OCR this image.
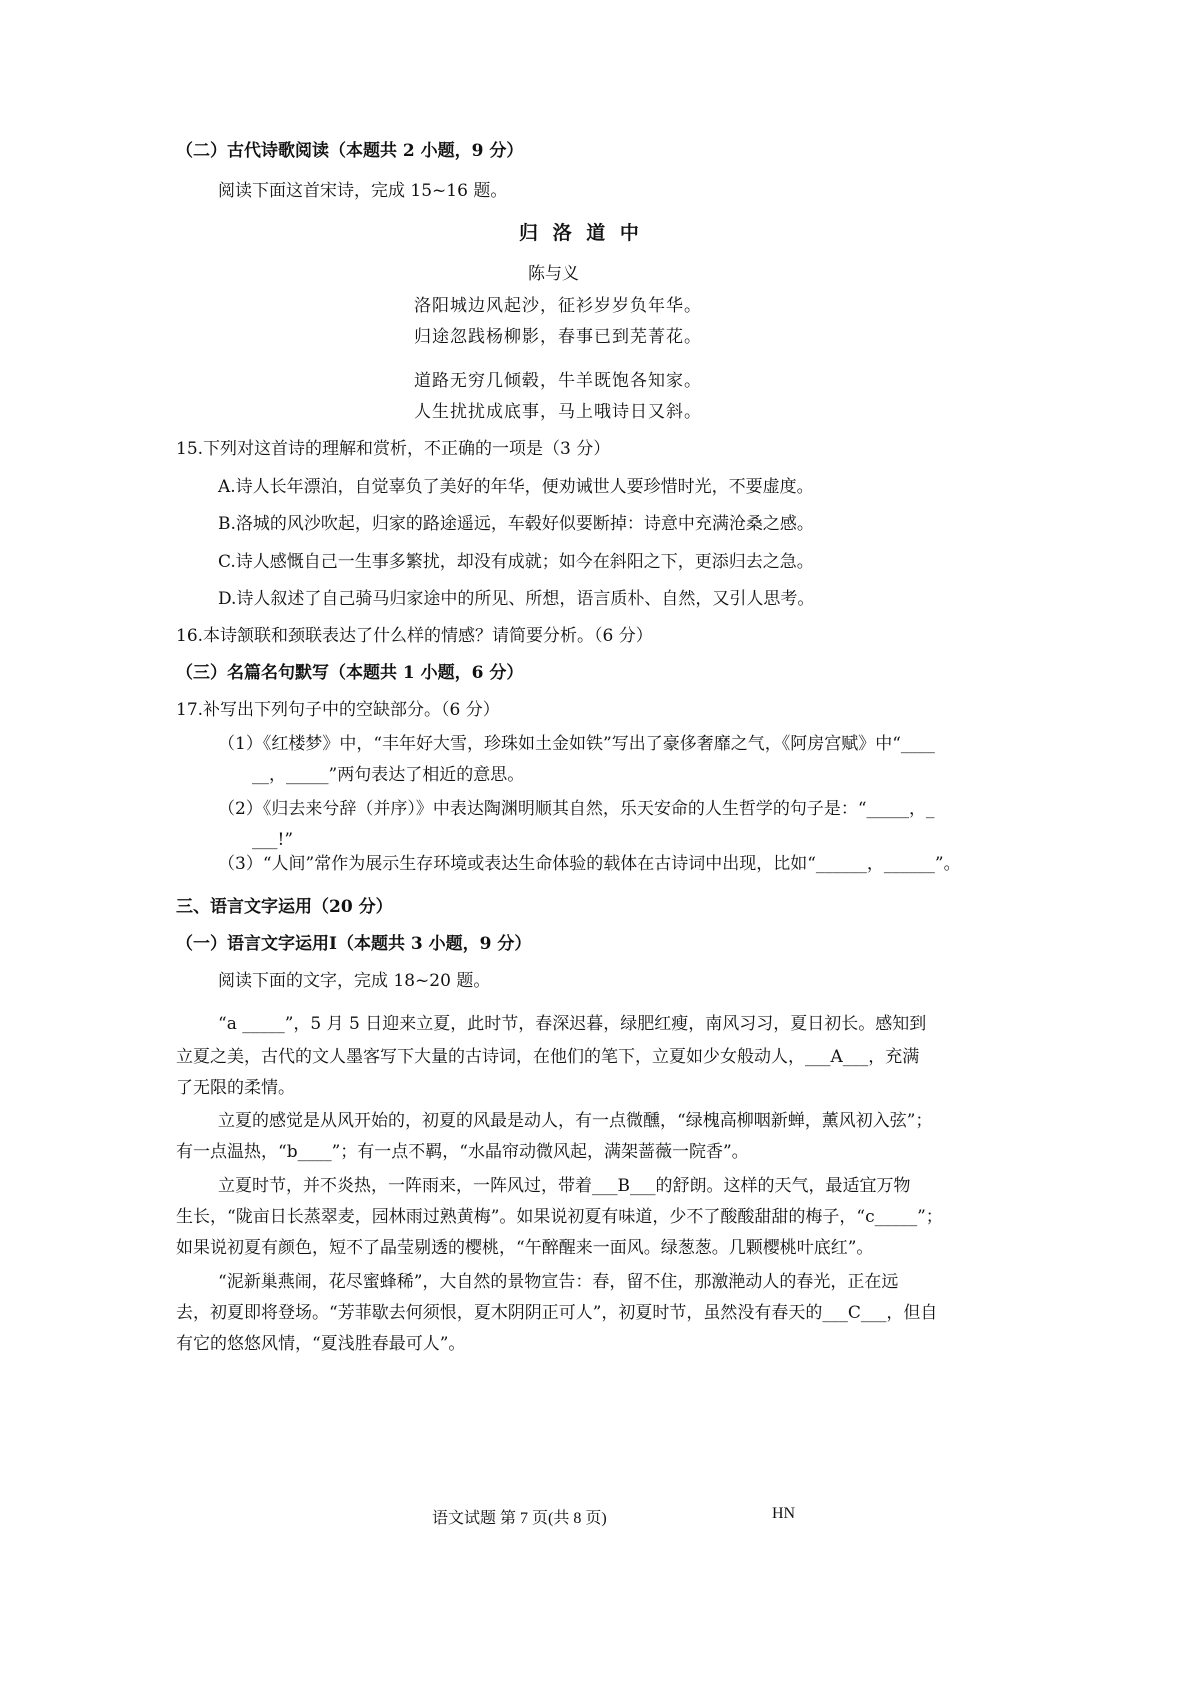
（二）古代诗歌阅读（本题共 2 小题，9 分）
阅读下面这首宋诗，完成 15~16 题。
归 洛 道 中
陈与义
洛阳城边风起沙，征衫岁岁负年华。
归途忽践杨柳影，春事已到芜菁花。
道路无穷几倾毂，牛羊既饱各知家。
人生扰扰成底事，马上哦诗日又斜。
15.下列对这首诗的理解和赏析，不正确的一项是（3 分）
A.诗人长年漂泊，自觉辜负了美好的年华，便劝诫世人要珍惜时光，不要虚度。
B.洛城的风沙吹起，归家的路途遥远，车毂好似要断掉：诗意中充满沧桑之感。
C.诗人感慨自己一生事多繁扰，却没有成就；如今在斜阳之下，更添归去之急。
D.诗人叙述了自己骑马归家途中的所见、所想，语言质朴、自然，又引人思考。
16.本诗颔联和颈联表达了什么样的情感？请简要分析。（6 分）
（三）名篇名句默写（本题共 1 小题，6 分）
17.补写出下列句子中的空缺部分。（6 分）
（1）《红楼梦》中，“丰年好大雪，珍珠如土金如铁”写出了豪侈奢靡之气，《阿房宫赋》中“____
__，_____”两句表达了相近的意思。
（2）《归去来兮辞（并序）》中表达陶渊明顺其自然，乐天安命的人生哲学的句子是：“_____，_
___!”
（3）“人间”常作为展示生存环境或表达生命体验的载体在古诗词中出现，比如“______，______”。
三、语言文字运用（20 分）
（一）语言文字运用Ⅰ（本题共 3 小题，9 分）
阅读下面的文字，完成 18~20 题。
“a _____”，5 月 5 日迎来立夏，此时节，春深迟暮，绿肥红瘦，南风习习，夏日初长。感知到
立夏之美，古代的文人墨客写下大量的古诗词，在他们的笔下，立夏如少女般动人，___A___，充满
了无限的柔情。
立夏的感觉是从风开始的，初夏的风最是动人，有一点微醺，“绿槐高柳咽新蝉，薰风初入弦”；
有一点温热，“b____”；有一点不羁，“水晶帘动微风起，满架蔷薇一院香”。
立夏时节，并不炎热，一阵雨来，一阵风过，带着___B___的舒朗。这样的天气，最适宜万物
生长，“陇亩日长蒸翠麦，园林雨过熟黄梅”。如果说初夏有味道，少不了酸酸甜甜的梅子，“c_____”；
如果说初夏有颜色，短不了晶莹剔透的樱桃，“午醉醒来一面风。绿葱葱。几颗樱桃叶底红”。
“泥新巢燕闹，花尽蜜蜂稀”，大自然的景物宣告：春，留不住，那激滟动人的春光，正在远
去，初夏即将登场。“芳菲歇去何须恨，夏木阴阴正可人”，初夏时节，虽然没有春天的___C___，但自
有它的悠悠风情，“夏浅胜春最可人”。
语文试题 第 7 页(共 8 页)	HN
